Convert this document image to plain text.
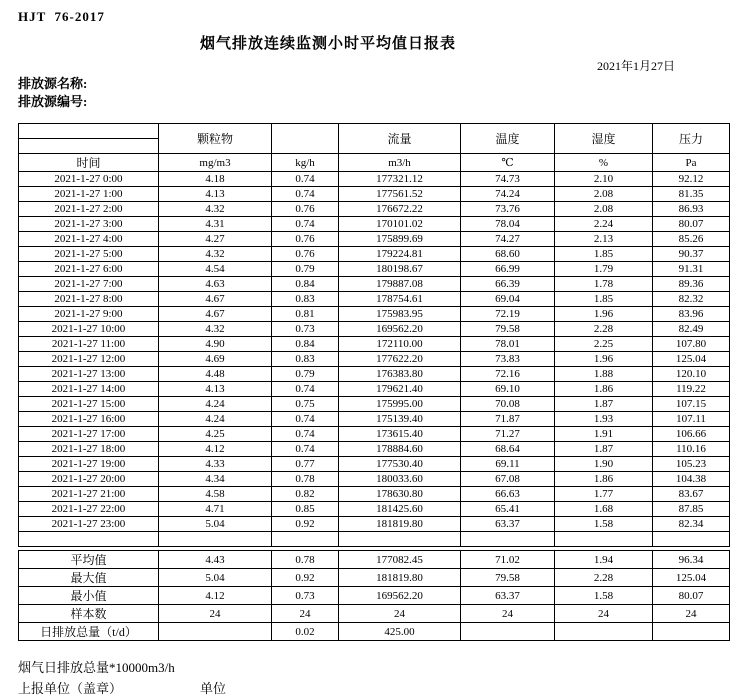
HJT  76-2017
烟气排放连续监测小时平均值日报表
2021年1月27日
排放源名称:
排放源编号:
	颗粒物		流量	温度	湿度	压力

时间	mg/m3	kg/h	m3/h	℃	%	Pa
2021-1-27 0:00	4.18	0.74	177321.12	74.73	2.10	92.12
2021-1-27 1:00	4.13	0.74	177561.52	74.24	2.08	81.35
2021-1-27 2:00	4.32	0.76	176672.22	73.76	2.08	86.93
2021-1-27 3:00	4.31	0.74	170101.02	78.04	2.24	80.07
2021-1-27 4:00	4.27	0.76	175899.69	74.27	2.13	85.26
2021-1-27 5:00	4.32	0.76	179224.81	68.60	1.85	90.37
2021-1-27 6:00	4.54	0.79	180198.67	66.99	1.79	91.31
2021-1-27 7:00	4.63	0.84	179887.08	66.39	1.78	89.36
2021-1-27 8:00	4.67	0.83	178754.61	69.04	1.85	82.32
2021-1-27 9:00	4.67	0.81	175983.95	72.19	1.96	83.96
2021-1-27 10:00	4.32	0.73	169562.20	79.58	2.28	82.49
2021-1-27 11:00	4.90	0.84	172110.00	78.01	2.25	107.80
2021-1-27 12:00	4.69	0.83	177622.20	73.83	1.96	125.04
2021-1-27 13:00	4.48	0.79	176383.80	72.16	1.88	120.10
2021-1-27 14:00	4.13	0.74	179621.40	69.10	1.86	119.22
2021-1-27 15:00	4.24	0.75	175995.00	70.08	1.87	107.15
2021-1-27 16:00	4.24	0.74	175139.40	71.87	1.93	107.11
2021-1-27 17:00	4.25	0.74	173615.40	71.27	1.91	106.66
2021-1-27 18:00	4.12	0.74	178884.60	68.64	1.87	110.16
2021-1-27 19:00	4.33	0.77	177530.40	69.11	1.90	105.23
2021-1-27 20:00	4.34	0.78	180033.60	67.08	1.86	104.38
2021-1-27 21:00	4.58	0.82	178630.80	66.63	1.77	83.67
2021-1-27 22:00	4.71	0.85	181425.60	65.41	1.68	87.85
2021-1-27 23:00	5.04	0.92	181819.80	63.37	1.58	82.34

平均值	4.43	0.78	177082.45	71.02	1.94	96.34
最大值	5.04	0.92	181819.80	79.58	2.28	125.04
最小值	4.12	0.73	169562.20	63.37	1.58	80.07
样本数	24	24	24	24	24	24
日排放总量（t/d）		0.02	425.00			
烟气日排放总量*10000m3/h
上报单位（盖章）	单位
